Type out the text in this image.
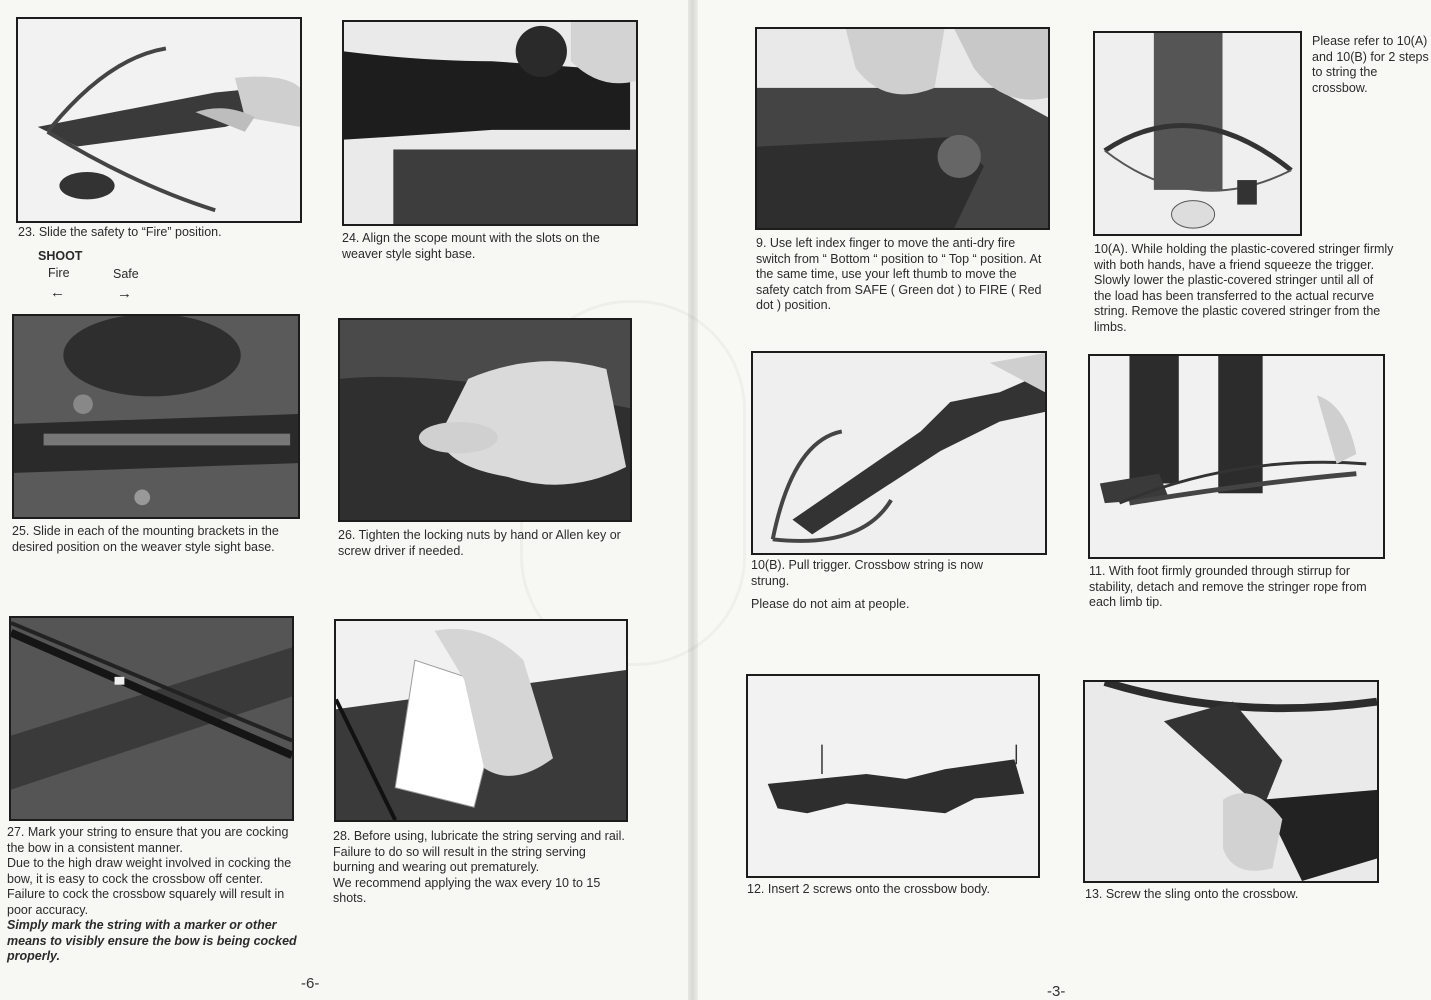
23. Slide the safety to “Fire” position.
SHOOT
Fire	Safe
←	→
24. Align the scope mount with the slots on the weaver style sight base.
25. Slide in each of the mounting brackets in the desired position on the weaver style sight base.
26. Tighten the locking nuts by hand or Allen key or screw driver if needed.

27. Mark your string to ensure that you are cocking the bow in a consistent manner.

Due to the high draw weight involved in cocking the bow, it is easy to cock the crossbow off center. Failure to cock the crossbow squarely will result in poor accuracy.

Simply mark the string with a marker or other means to visibly ensure the bow is being cocked properly.

28. Before using, lubricate the string serving and rail. Failure to do so will result in the string serving burning and wearing out prematurely.

We recommend applying the wax every 10 to 15 shots.

-6-
9. Use left index finger to move the anti-dry fire switch from “ Bottom “ position to “ Top “ position. At the same time, use your left thumb to move the safety catch from SAFE ( Green dot ) to FIRE ( Red dot ) position.
Please refer to 10(A) and 10(B) for 2 steps to string the crossbow.
10(A). While holding the plastic-covered stringer firmly with both hands, have a friend squeeze the trigger. Slowly lower the plastic-covered stringer until all of the load has been transferred to the actual recurve string. Remove the plastic covered stringer from the limbs.

10(B). Pull trigger. Crossbow string is now strung.

Please do not aim at people.

11. With foot firmly grounded through stirrup for stability, detach and remove the stringer rope from each limb tip.
12. Insert 2 screws onto the crossbow body.	13. Screw the sling onto the crossbow.
-3-
